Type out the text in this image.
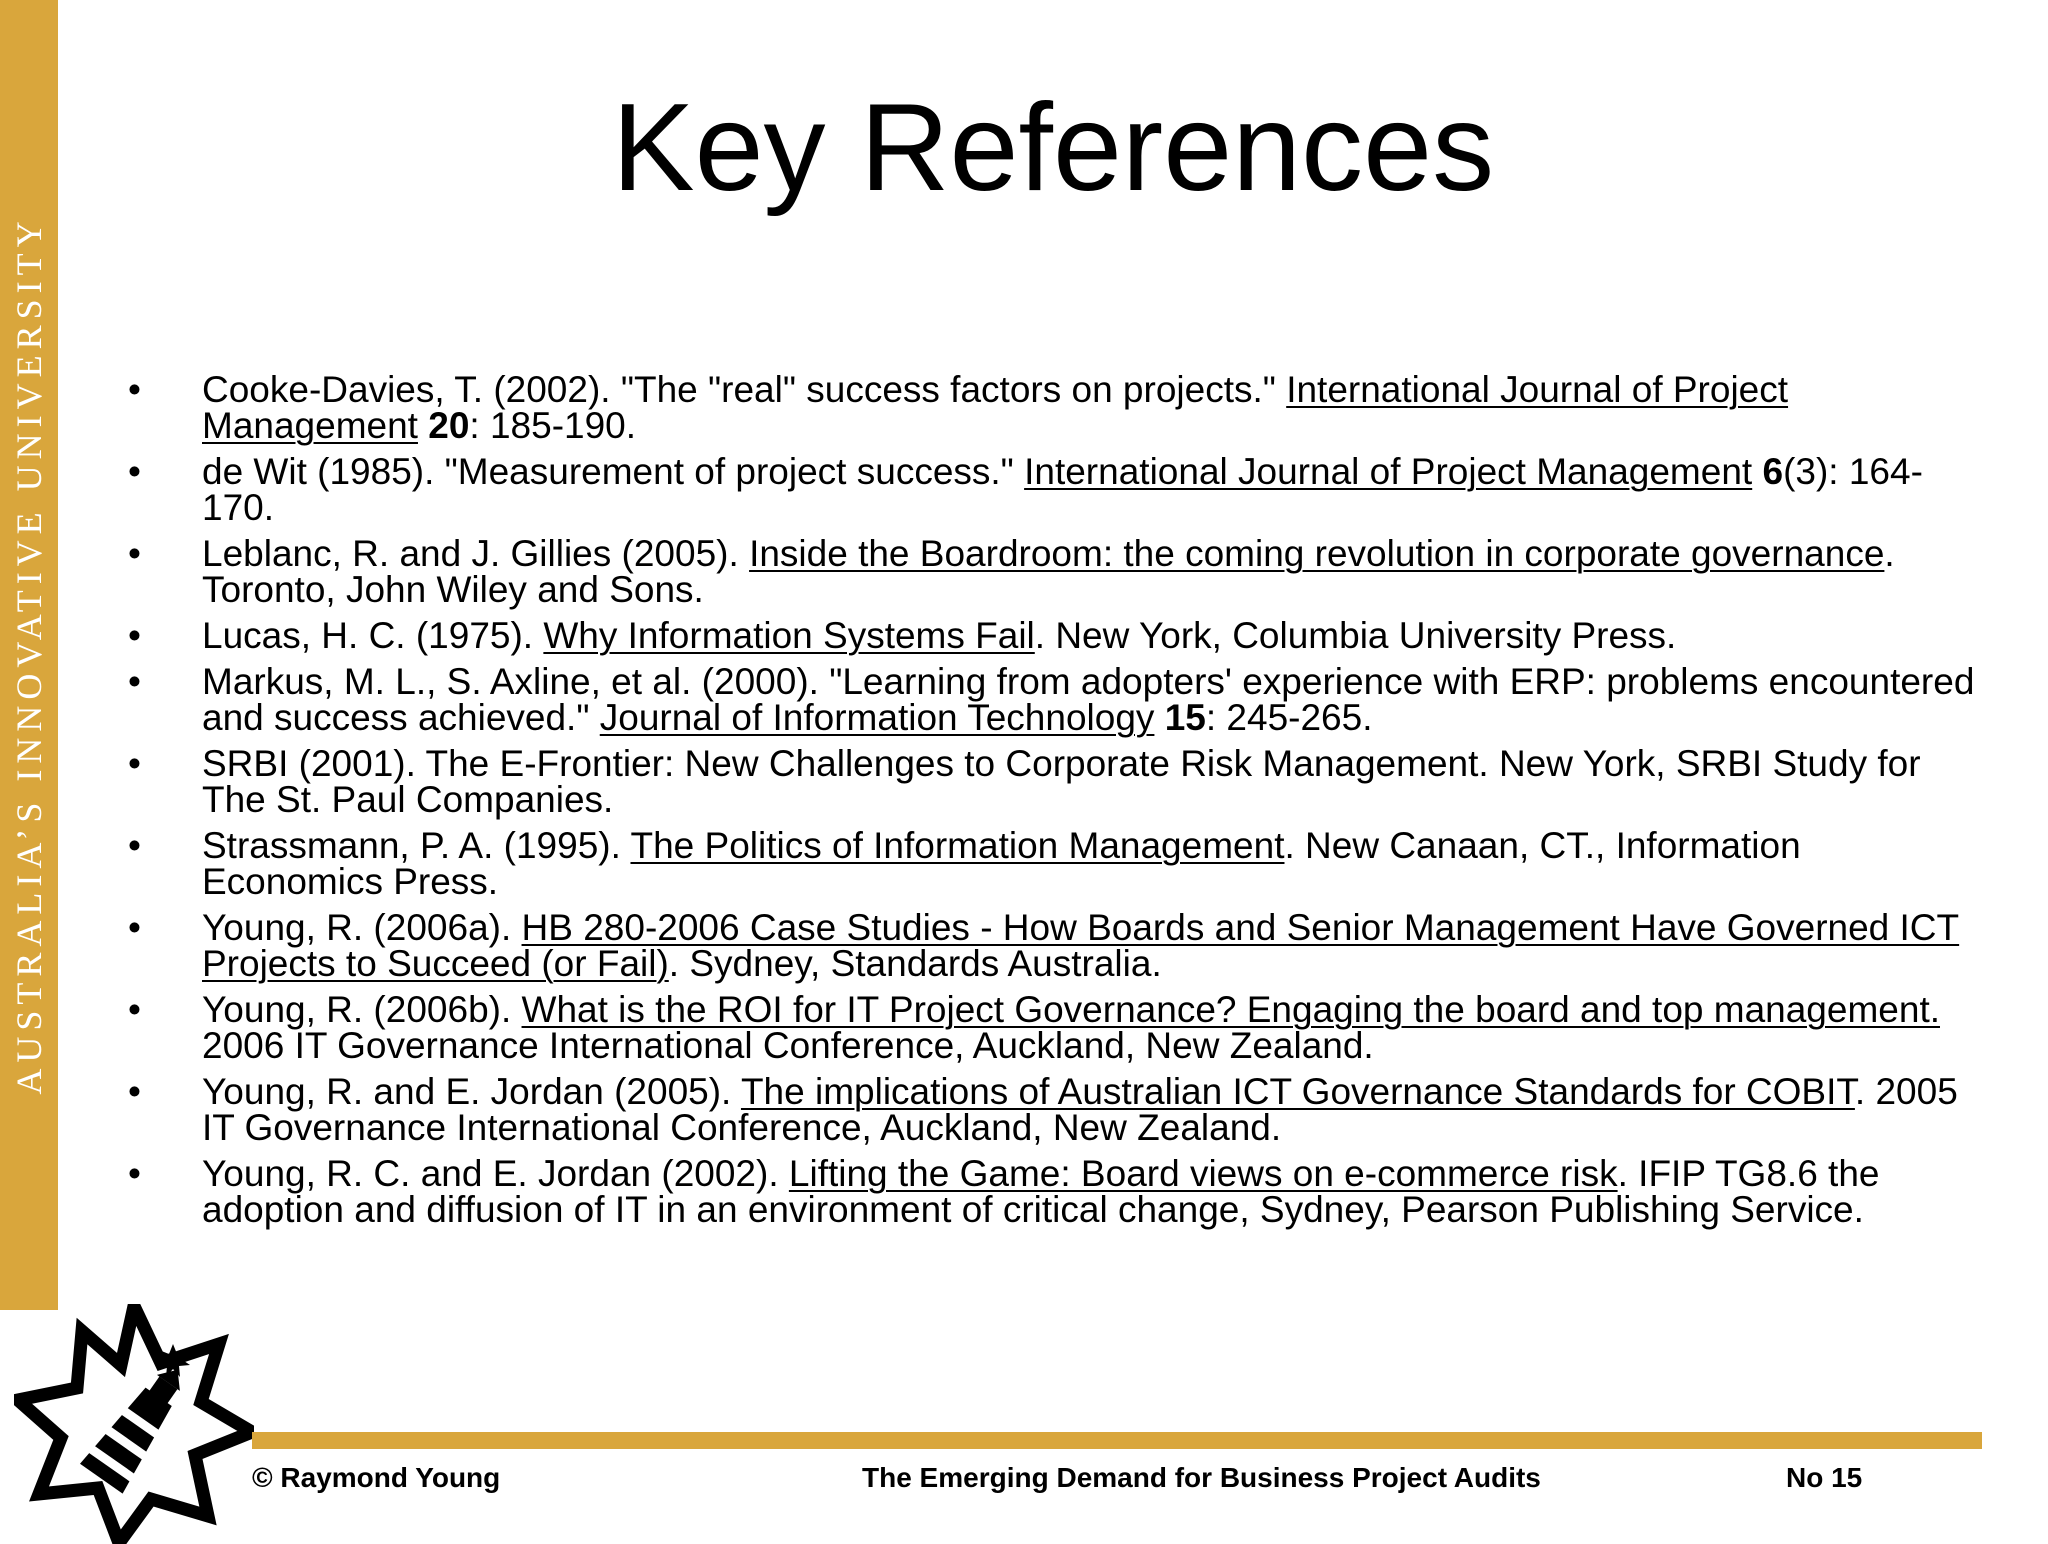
AUSTRALIA’S INNOVATIVE UNIVERSITY
Key References
• Cooke-Davies, T. (2002). "The "real" success factors on projects." International Journal of Project Management 20: 185-190.
• de Wit (1985). "Measurement of project success." International Journal of Project Management 6(3): 164-170.
• Leblanc, R. and J. Gillies (2005). Inside the Boardroom: the coming revolution in corporate governance. Toronto, John Wiley and Sons.
• Lucas, H. C. (1975). Why Information Systems Fail. New York, Columbia University Press.
• Markus, M. L., S. Axline, et al. (2000). "Learning from adopters' experience with ERP: problems encountered and success achieved." Journal of Information Technology 15: 245-265.
• SRBI (2001). The E-Frontier: New Challenges to Corporate Risk Management. New York, SRBI Study for The St. Paul Companies.
• Strassmann, P. A. (1995). The Politics of Information Management. New Canaan, CT., Information Economics Press.
• Young, R. (2006a). HB 280-2006 Case Studies - How Boards and Senior Management Have Governed ICT Projects to Succeed (or Fail). Sydney, Standards Australia.
• Young, R. (2006b). What is the ROI for IT Project Governance? Engaging the board and top management. 2006 IT Governance International Conference, Auckland, New Zealand.
• Young, R. and E. Jordan (2005). The implications of Australian ICT Governance Standards for COBIT. 2005 IT Governance International Conference, Auckland, New Zealand.
• Young, R. C. and E. Jordan (2002). Lifting the Game: Board views on e-commerce risk. IFIP TG8.6 the adoption and diffusion of IT in an environment of critical change, Sydney, Pearson Publishing Service.
© Raymond Young	The Emerging Demand for Business Project Audits	No 15
